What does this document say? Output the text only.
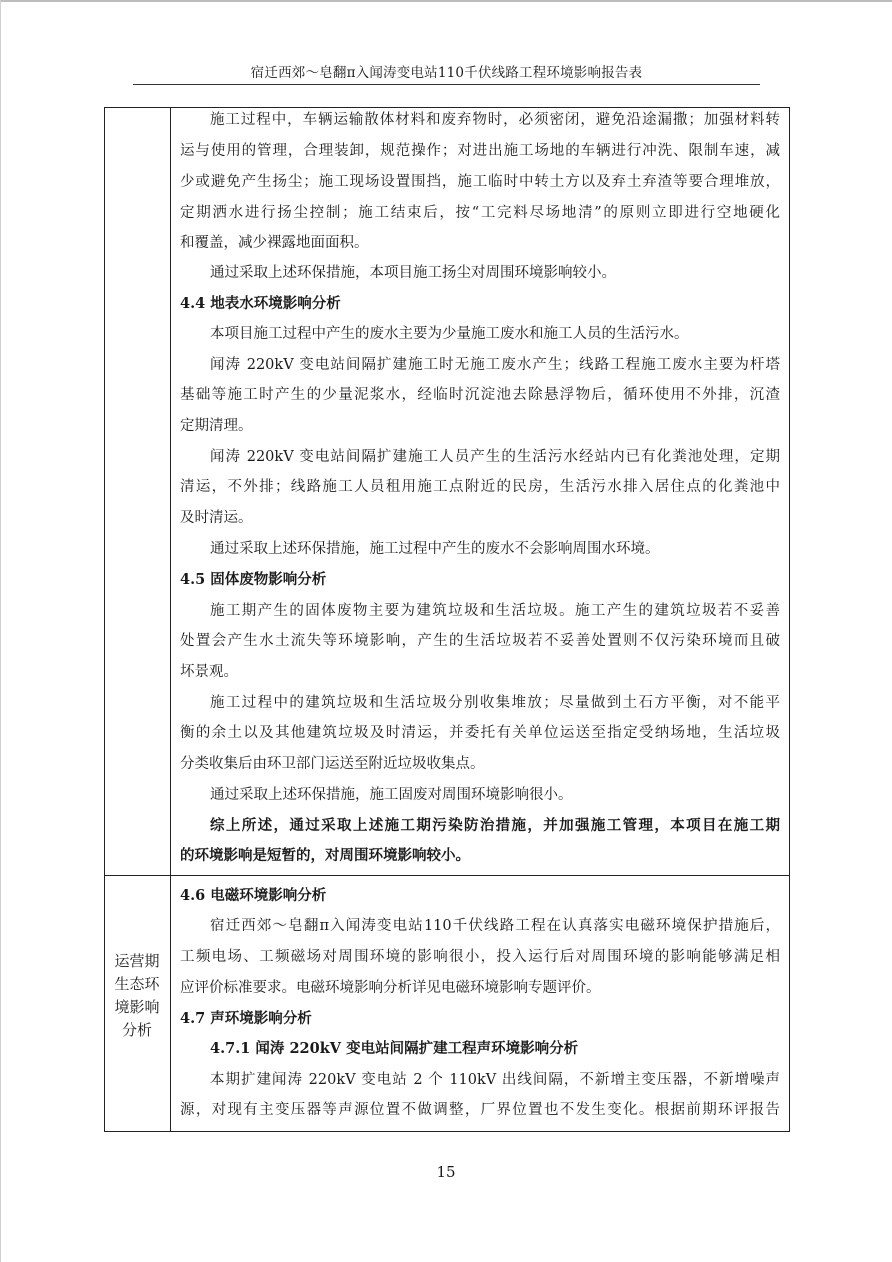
宿迁西郊～皂翻π入闻涛变电站110千伏线路工程环境影响报告表
运营期
生态环
境影响
分析
施工过程中，车辆运输散体材料和废弃物时，必须密闭，避免沿途漏撒；加强材料转
运与使用的管理，合理装卸，规范操作；对进出施工场地的车辆进行冲洗、限制车速，减
少或避免产生扬尘；施工现场设置围挡，施工临时中转土方以及弃土弃渣等要合理堆放，
定期洒水进行扬尘控制；施工结束后，按“工完料尽场地清”的原则立即进行空地硬化
和覆盖，减少裸露地面面积。
通过采取上述环保措施，本项目施工扬尘对周围环境影响较小。
4.4 地表水环境影响分析
本项目施工过程中产生的废水主要为少量施工废水和施工人员的生活污水。
闻涛 220kV 变电站间隔扩建施工时无施工废水产生；线路工程施工废水主要为杆塔
基础等施工时产生的少量泥浆水，经临时沉淀池去除悬浮物后，循环使用不外排，沉渣
定期清理。
闻涛 220kV 变电站间隔扩建施工人员产生的生活污水经站内已有化粪池处理，定期
清运，不外排；线路施工人员租用施工点附近的民房，生活污水排入居住点的化粪池中
及时清运。
通过采取上述环保措施，施工过程中产生的废水不会影响周围水环境。
4.5 固体废物影响分析
施工期产生的固体废物主要为建筑垃圾和生活垃圾。施工产生的建筑垃圾若不妥善
处置会产生水土流失等环境影响，产生的生活垃圾若不妥善处置则不仅污染环境而且破
坏景观。
施工过程中的建筑垃圾和生活垃圾分别收集堆放；尽量做到土石方平衡，对不能平
衡的余土以及其他建筑垃圾及时清运，并委托有关单位运送至指定受纳场地，生活垃圾
分类收集后由环卫部门运送至附近垃圾收集点。
通过采取上述环保措施，施工固废对周围环境影响很小。
综上所述，通过采取上述施工期污染防治措施，并加强施工管理，本项目在施工期
的环境影响是短暂的，对周围环境影响较小。
4.6 电磁环境影响分析
宿迁西郊～皂翻π入闻涛变电站110千伏线路工程在认真落实电磁环境保护措施后，
工频电场、工频磁场对周围环境的影响很小，投入运行后对周围环境的影响能够满足相
应评价标准要求。电磁环境影响分析详见电磁环境影响专题评价。
4.7 声环境影响分析
4.7.1 闻涛 220kV 变电站间隔扩建工程声环境影响分析
本期扩建闻涛 220kV 变电站 2 个 110kV 出线间隔，不新增主变压器，不新增噪声
源，对现有主变压器等声源位置不做调整，厂界位置也不发生变化。根据前期环评报告
15
